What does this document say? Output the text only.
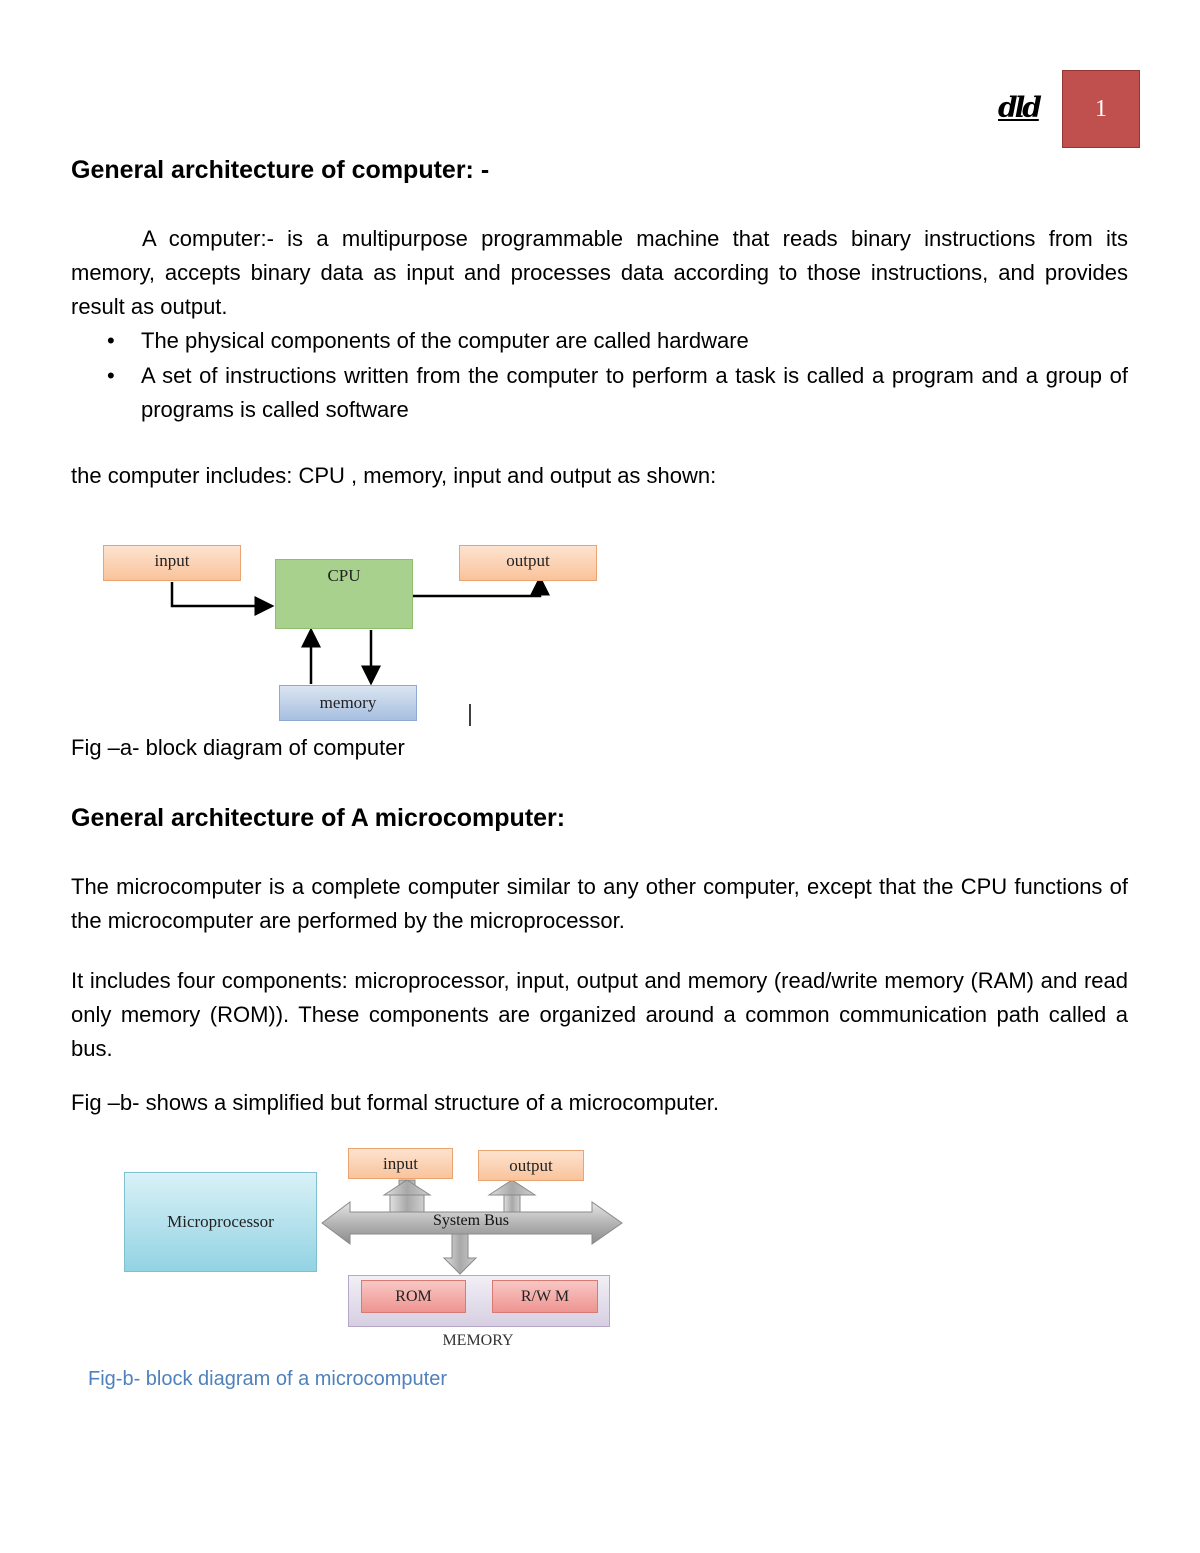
dld	1
General architecture of computer: -

A computer:- is a multipurpose programmable machine that reads binary instructions from its memory, accepts binary data as input and processes data according to those instructions, and provides result as output.

• The physical components of the computer are called hardware
• A set of instructions written from the computer to perform a task is called a program and a group of programs is called software
the computer includes: CPU , memory, input and output as shown:
input
CPU
output
memory
Fig –a- block diagram of computer
General architecture of A microcomputer:

The microcomputer is a complete computer similar to any other computer, except that the CPU functions of the microcomputer are performed by the microprocessor.

It includes four components: microprocessor, input, output and memory (read/write memory (RAM) and read only memory (ROM)). These components are organized around a common communication path called a bus.

Fig –b- shows a simplified but formal structure of a microcomputer.

Microprocessor
input	output
System Bus
ROM	R/W M
MEMORY
Fig-b- block diagram of a microcomputer
